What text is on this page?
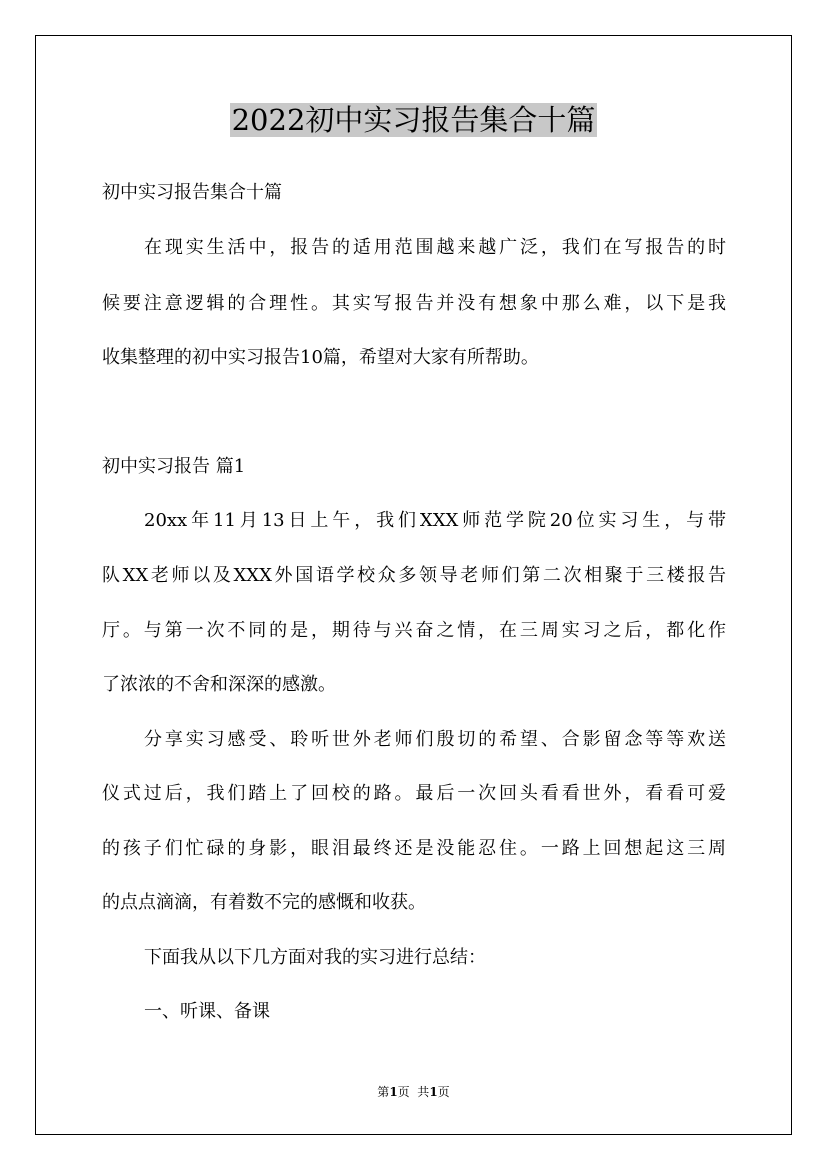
2022初中实习报告集合十篇
初中实习报告集合十篇
在现实生活中，报告的适用范围越来越广泛，我们在写报告的时
候要注意逻辑的合理性。其实写报告并没有想象中那么难，以下是我
收集整理的初中实习报告10篇，希望对大家有所帮助。
初中实习报告 篇1
20xx年11月13日上午，我们XXX师范学院20位实习生，与带
队XX老师以及XXX外国语学校众多领导老师们第二次相聚于三楼报告
厅。与第一次不同的是，期待与兴奋之情，在三周实习之后，都化作
了浓浓的不舍和深深的感激。
分享实习感受、聆听世外老师们殷切的希望、合影留念等等欢送
仪式过后，我们踏上了回校的路。最后一次回头看看世外，看看可爱
的孩子们忙碌的身影，眼泪最终还是没能忍住。一路上回想起这三周
的点点滴滴，有着数不完的感慨和收获。
下面我从以下几方面对我的实习进行总结：
一、听课、备课
第1页  共1页
